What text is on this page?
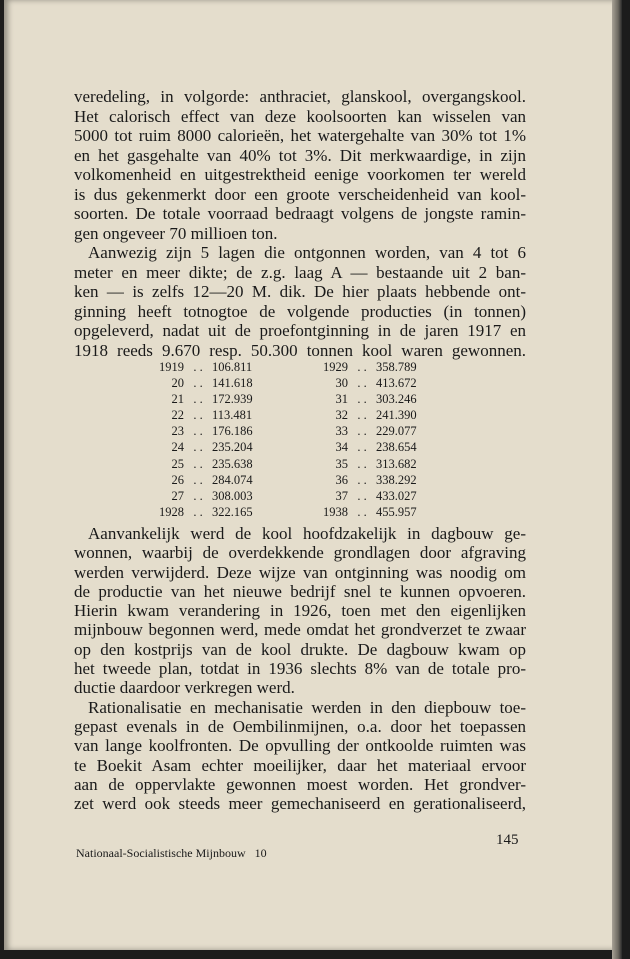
veredeling, in volgorde: anthraciet, glanskool, overgangskool.
Het calorisch effect van deze koolsoorten kan wisselen van
5000 tot ruim 8000 calorieën, het watergehalte van 30% tot 1%
en het gasgehalte van 40% tot 3%. Dit merkwaardige, in zijn
volkomenheid en uitgestrektheid eenige voorkomen ter wereld
is dus gekenmerkt door een groote verscheidenheid van kool-
soorten. De totale voorraad bedraagt volgens de jongste ramin-
gen ongeveer 70 millioen ton.
Aanwezig zijn 5 lagen die ontgonnen worden, van 4 tot 6
meter en meer dikte; de z.g. laag A — bestaande uit 2 ban-
ken — is zelfs 12—20 M. dik. De hier plaats hebbende ont-
ginning heeft totnogtoe de volgende producties (in tonnen)
opgeleverd, nadat uit de proefontginning in de jaren 1917 en
1918 reeds 9.670 resp. 50.300 tonnen kool waren gewonnen.
1919 . . 106.811
20 . . 141.618
21 . . 172.939
22 . . 113.481
23 . . 176.186
24 . . 235.204
25 . . 235.638
26 . . 284.074
27 . . 308.003
1928 . . 322.165
1929 . . 358.789
30 . . 413.672
31 . . 303.246
32 . . 241.390
33 . . 229.077
34 . . 238.654
35 . . 313.682
36 . . 338.292
37 . . 433.027
1938 . . 455.957
Aanvankelijk werd de kool hoofdzakelijk in dagbouw ge-
wonnen, waarbij de overdekkende grondlagen door afgraving
werden verwijderd. Deze wijze van ontginning was noodig om
de productie van het nieuwe bedrijf snel te kunnen opvoeren.
Hierin kwam verandering in 1926, toen met den eigenlijken
mijnbouw begonnen werd, mede omdat het grondverzet te zwaar
op den kostprijs van de kool drukte. De dagbouw kwam op
het tweede plan, totdat in 1936 slechts 8% van de totale pro-
ductie daardoor verkregen werd.
Rationalisatie en mechanisatie werden in den diepbouw toe-
gepast evenals in de Oembilinmijnen, o.a. door het toepassen
van lange koolfronten. De opvulling der ontkoolde ruimten was
te Boekit Asam echter moeilijker, daar het materiaal ervoor
aan de oppervlakte gewonnen moest worden. Het grondver-
zet werd ook steeds meer gemechaniseerd en gerationaliseerd,
Nationaal-Socialistische Mijnbouw 10
145
